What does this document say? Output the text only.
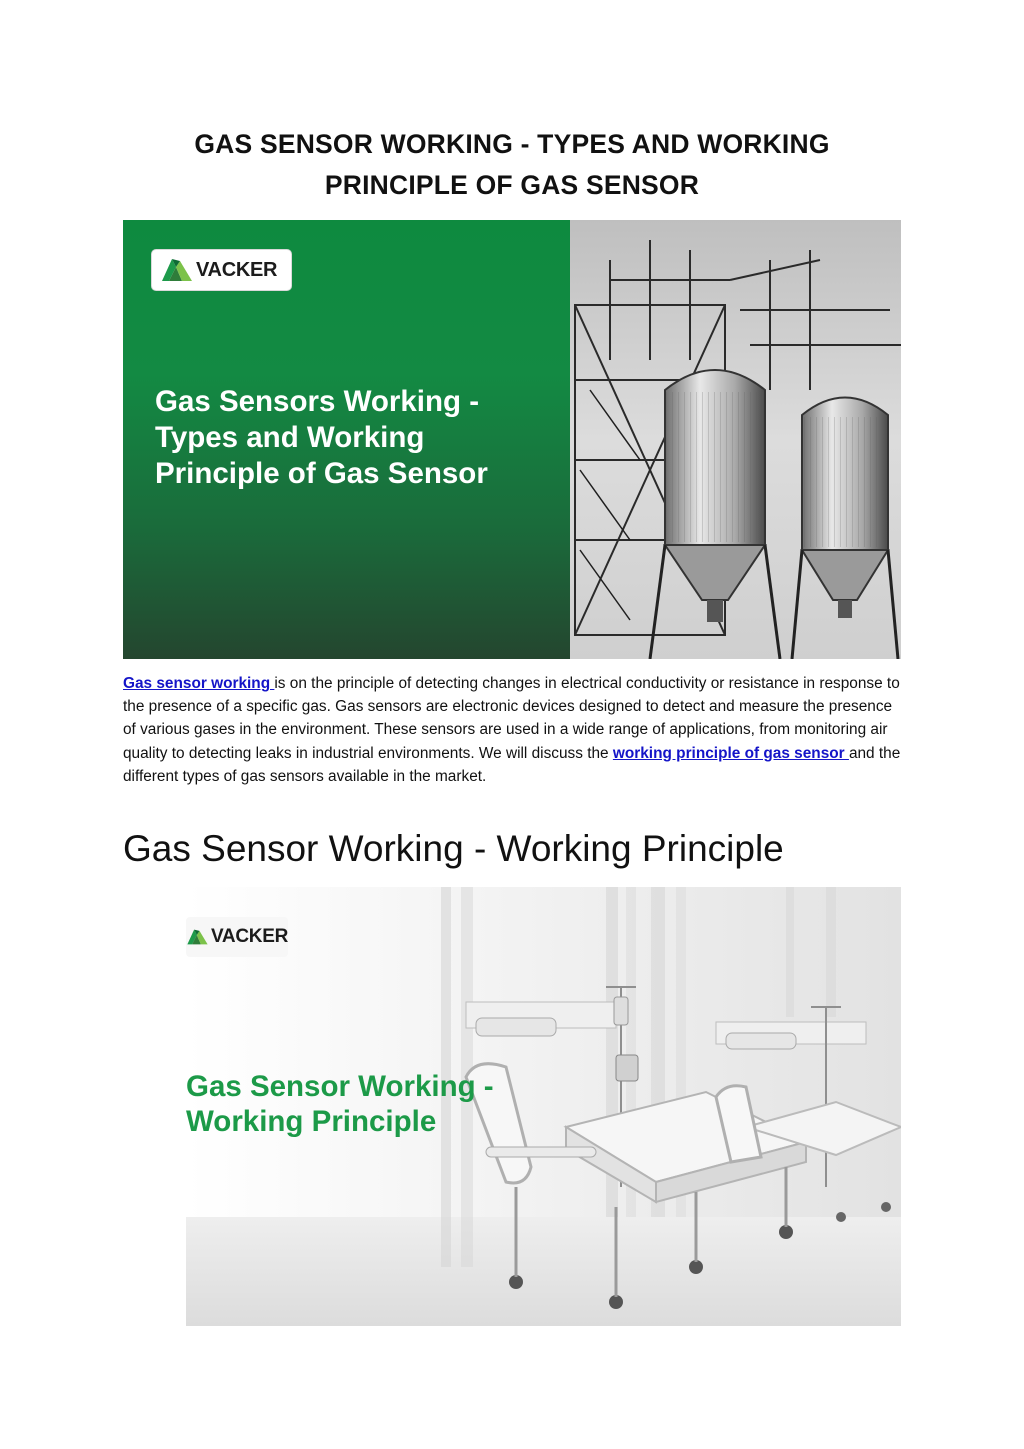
GAS SENSOR WORKING - TYPES AND WORKING PRINCIPLE OF GAS SENSOR
VACKER
Gas Sensors Working -
Types and Working
Principle of Gas Sensor
Gas sensor working is on the principle of detecting changes in electrical conductivity or resistance in response to the presence of a specific gas. Gas sensors are electronic devices designed to detect and measure the presence of various gases in the environment. These sensors are used in a wide range of applications, from monitoring air quality to detecting leaks in industrial environments. We will discuss the working principle of gas sensor and the different types of gas sensors available in the market.
Gas Sensor Working - Working Principle
VACKER
Gas Sensor Working -
Working Principle
